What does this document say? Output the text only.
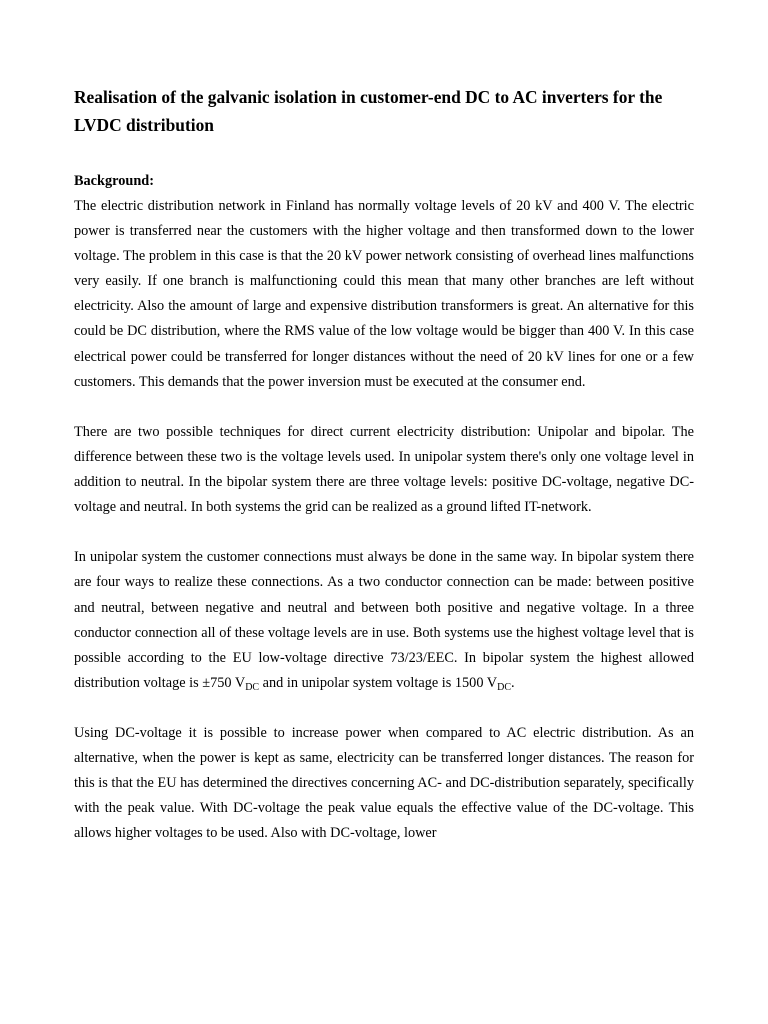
Realisation of the galvanic isolation in customer-end DC to AC inverters for the LVDC distribution
Background:

The electric distribution network in Finland has normally voltage levels of 20 kV and 400 V. The electric power is transferred near the customers with the higher voltage and then transformed down to the lower voltage. The problem in this case is that the 20 kV power network consisting of overhead lines malfunctions very easily. If one branch is malfunctioning could this mean that many other branches are left without electricity. Also the amount of large and expensive distribution transformers is great. An alternative for this could be DC distribution, where the RMS value of the low voltage would be bigger than 400 V. In this case electrical power could be transferred for longer distances without the need of 20 kV lines for one or a few customers. This demands that the power inversion must be executed at the consumer end.

There are two possible techniques for direct current electricity distribution: Unipolar and bipolar. The difference between these two is the voltage levels used. In unipolar system there's only one voltage level in addition to neutral. In the bipolar system there are three voltage levels: positive DC-voltage, negative DC-voltage and neutral. In both systems the grid can be realized as a ground lifted IT-network.

In unipolar system the customer connections must always be done in the same way. In bipolar system there are four ways to realize these connections. As a two conductor connection can be made: between positive and neutral, between negative and neutral and between both positive and negative voltage. In a three conductor connection all of these voltage levels are in use. Both systems use the highest voltage level that is possible according to the EU low-voltage directive 73/23/EEC. In bipolar system the highest allowed distribution voltage is ±750 $V_{DC}$ and in unipolar system voltage is 1500 $V_{DC}$.

Using DC-voltage it is possible to increase power when compared to AC electric distribution. As an alternative, when the power is kept as same, electricity can be transferred longer distances. The reason for this is that the EU has determined the directives concerning AC- and DC-distribution separately, specifically with the peak value. With DC-voltage the peak value equals the effective value of the DC-voltage. This allows higher voltages to be used. Also with DC-voltage, lower
